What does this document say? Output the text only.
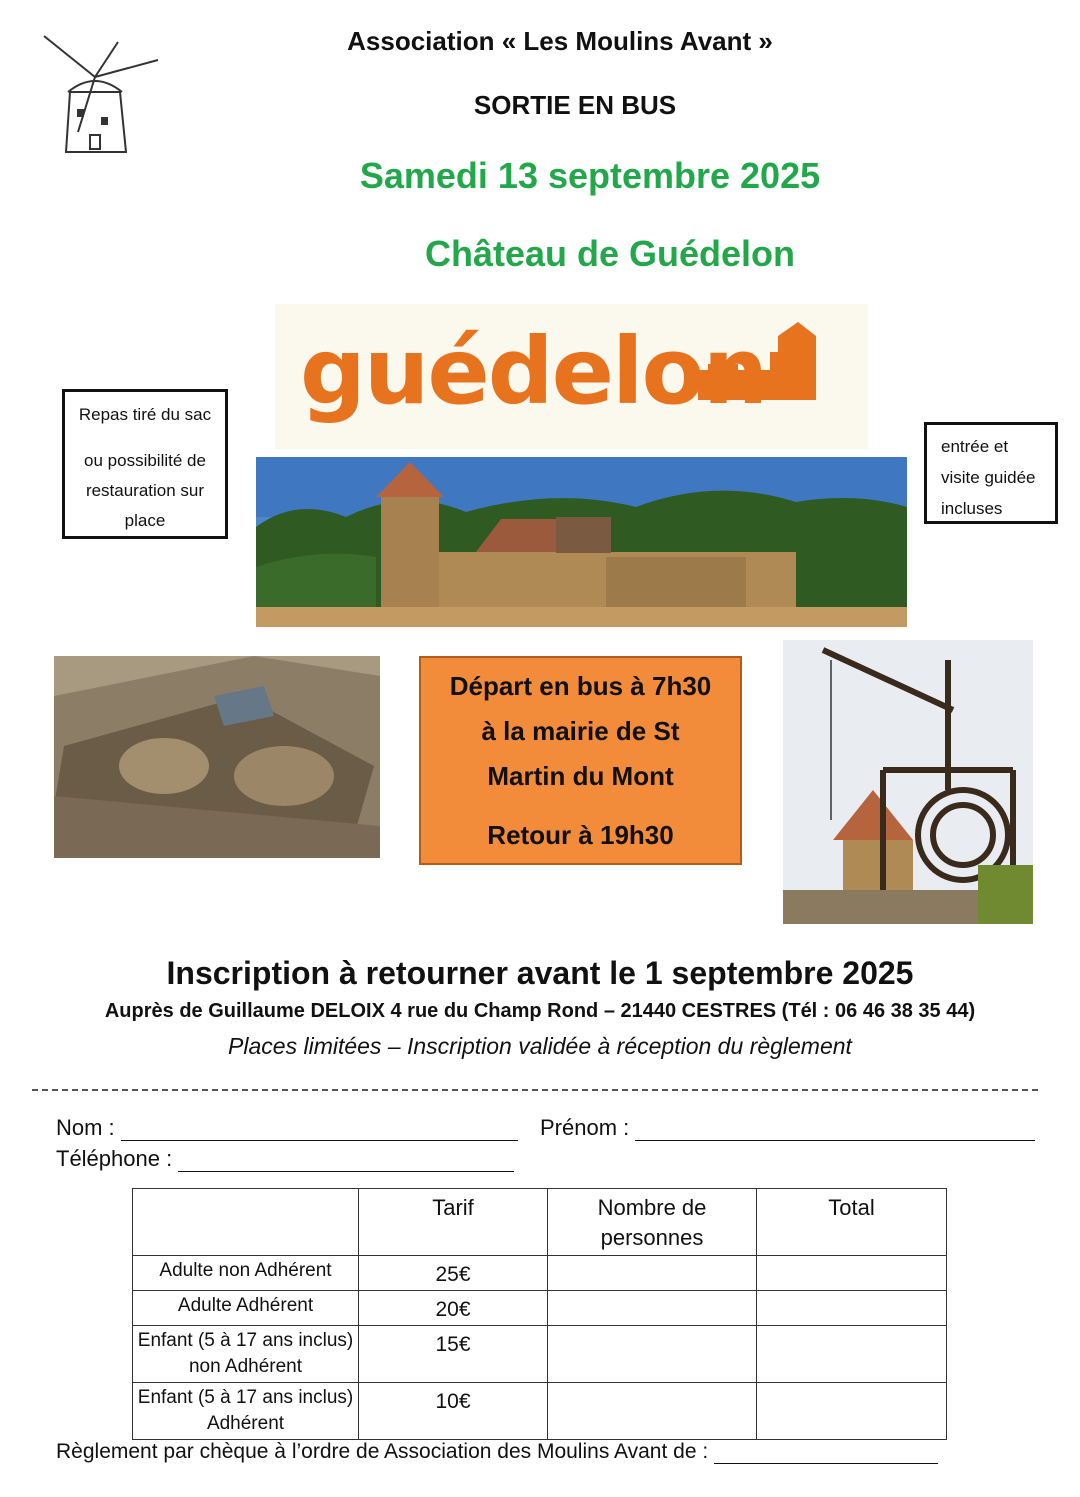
Association « Les Moulins Avant »
SORTIE EN BUS
Samedi 13 septembre 2025
Château de Guédelon
guédelon
Repas tiré du sac
ou possibilité de
restauration sur
place
entrée et
visite guidée
incluses
Départ en bus à 7h30
à la mairie de St
Martin du Mont
Retour à 19h30
Inscription à retourner avant le 1 septembre 2025
Auprès de Guillaume DELOIX 4 rue du Champ Rond – 21440 CESTRES (Tél : 06 46 38 35 44)
Places limitées – Inscription validée à réception du règlement
Nom :	Prénom :
Téléphone :
	Tarif	Nombre de personnes	Total
Adulte non Adhérent	25€		
Adulte Adhérent	20€		
Enfant (5 à 17 ans inclus) non Adhérent	15€		
Enfant (5 à 17 ans inclus) Adhérent	10€		
Règlement par chèque à l’ordre de Association des Moulins Avant de :
